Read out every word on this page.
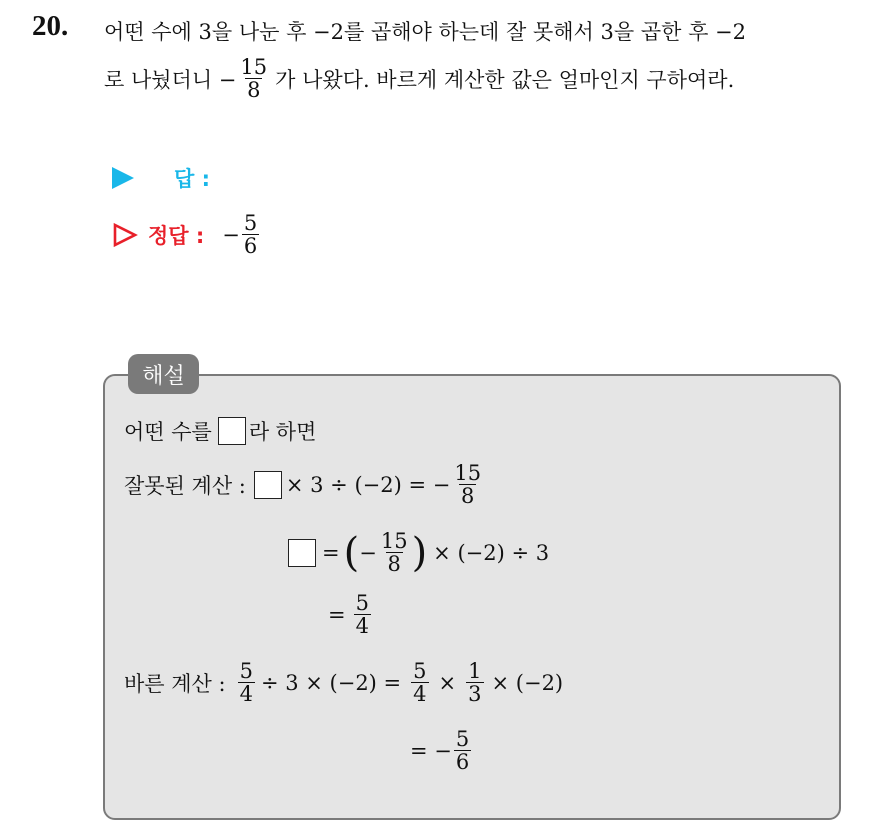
20. 어떤 수에 3을 나눈 후 −2를 곱해야 하는데 잘 못해서 3을 곱한 후 −2
로 나눴더니 − $\frac{15}{8}$ 가 나왔다. 바르게 계산한 값은 얼마인지 구하여라.
답 :
정답 : − $\frac{5}{6}$
해설
어떤 수를 라 하면
잘못된 계산 : × 3 ÷ (−2) = − $\frac{15}{8}$
= ( − $\frac{15}{8}$ ) × (−2) ÷ 3
= $\frac{5}{4}$
바른 계산 : $\frac{5}{4} \div 3 \times (-2) = \frac{5}{4} \times \frac{1}{3} \times (-2)$
= − $\frac{5}{6}$
